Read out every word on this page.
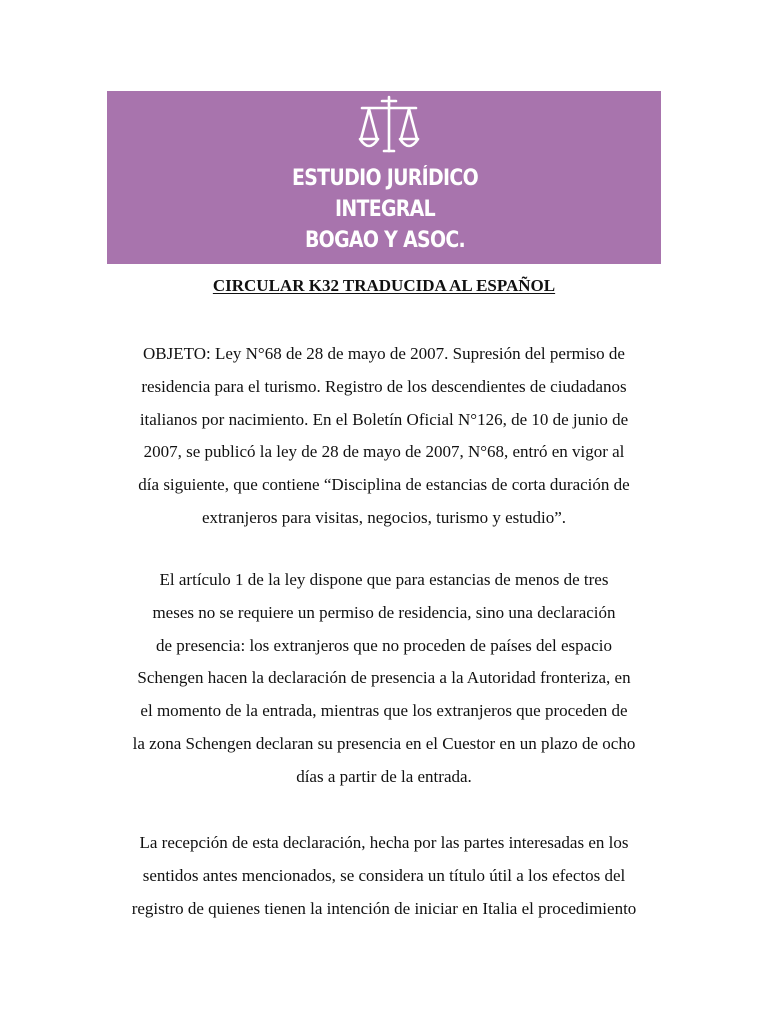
ESTUDIO JURÍDICO
INTEGRAL
BOGAO Y ASOC.
CIRCULAR K32 TRADUCIDA AL ESPAÑOL
OBJETO: Ley N°68 de 28 de mayo de 2007. Supresión del permiso de
residencia para el turismo. Registro de los descendientes de ciudadanos
italianos por nacimiento. En el Boletín Oficial N°126, de 10 de junio de
2007, se publicó la ley de 28 de mayo de 2007, N°68, entró en vigor al
día siguiente, que contiene “Disciplina de estancias de corta duración de
extranjeros para visitas, negocios, turismo y estudio”.
El artículo 1 de la ley dispone que para estancias de menos de tres
meses no se requiere un permiso de residencia, sino una declaración
de presencia: los extranjeros que no proceden de países del espacio
Schengen hacen la declaración de presencia a la Autoridad fronteriza, en
el momento de la entrada, mientras que los extranjeros que proceden de
la zona Schengen declaran su presencia en el Cuestor en un plazo de ocho
días a partir de la entrada.
La recepción de esta declaración, hecha por las partes interesadas en los
sentidos antes mencionados, se considera un título útil a los efectos del
registro de quienes tienen la intención de iniciar en Italia el procedimiento
